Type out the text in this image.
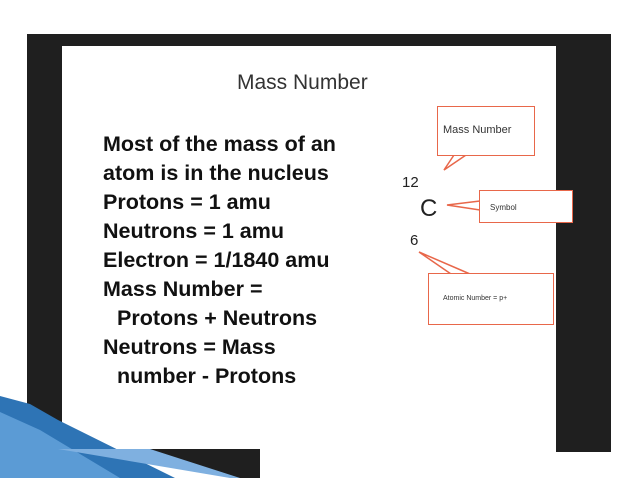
Mass Number
Most of the mass of an
atom is in the nucleus
Protons = 1 amu
Neutrons = 1 amu
Electron = 1/1840 amu
Mass Number =
Protons + Neutrons
Neutrons = Mass
number - Protons
Mass Number
Symbol
Atomic Number = p+
12
C
6
